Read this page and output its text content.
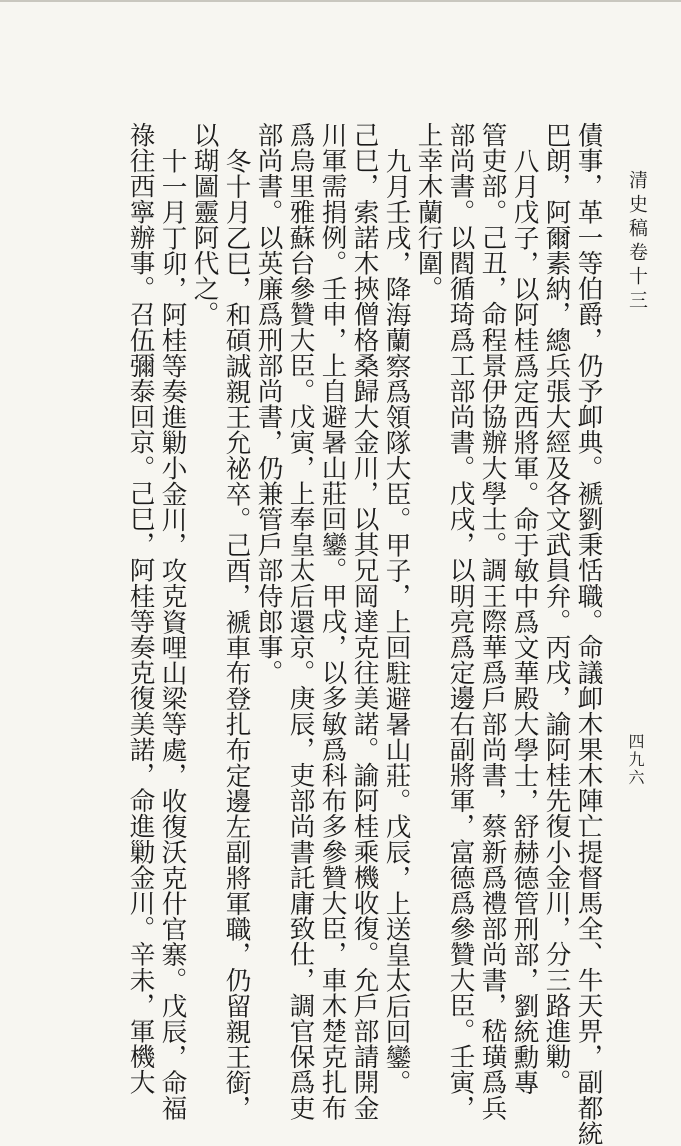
清史稿卷十三
四九六
債事，革一等伯爵，仍予卹典。褫劉秉恬職。命議卹木果木陣亡提督馬全、牛天畀，副都統
巴朗，阿爾素納，總兵張大經及各文武員弁。丙戌，諭阿桂先復小金川，分三路進勦。
八月戊子，以阿桂爲定西將軍。命于敏中爲文華殿大學士，舒赫德管刑部，劉統勳專
管吏部。己丑，命程景伊協辦大學士。調王際華爲戶部尚書，蔡新爲禮部尚書，嵇璜爲兵
部尚書。以閻循琦爲工部尚書。戊戌，以明亮爲定邊右副將軍，富德爲參贊大臣。壬寅，
上幸木蘭行圍。
九月壬戌，降海蘭察爲領隊大臣。甲子，上回駐避暑山莊。戊辰，上送皇太后回鑾。
己巳，索諾木挾僧格桑歸大金川，以其兄岡達克往美諾。諭阿桂乘機收復。允戶部請開金
川軍需捐例。壬申，上自避暑山莊回鑾。甲戌，以多敏爲科布多參贊大臣，車木楚克扎布
爲烏里雅蘇台參贊大臣。戊寅，上奉皇太后還京。庚辰，吏部尚書託庸致仕，調官保爲吏
部尚書。以英廉爲刑部尚書，仍兼管戶部侍郎事。
冬十月乙巳，和碩誠親王允祕卒。己酉，褫車布登扎布定邊左副將軍職，仍留親王銜，
以瑚圖靈阿代之。
十一月丁卯，阿桂等奏進勦小金川，攻克資哩山梁等處，收復沃克什官寨。戊辰，命福
祿往西寧辦事。召伍彌泰回京。己巳，阿桂等奏克復美諾，命進勦金川。辛未，軍機大
